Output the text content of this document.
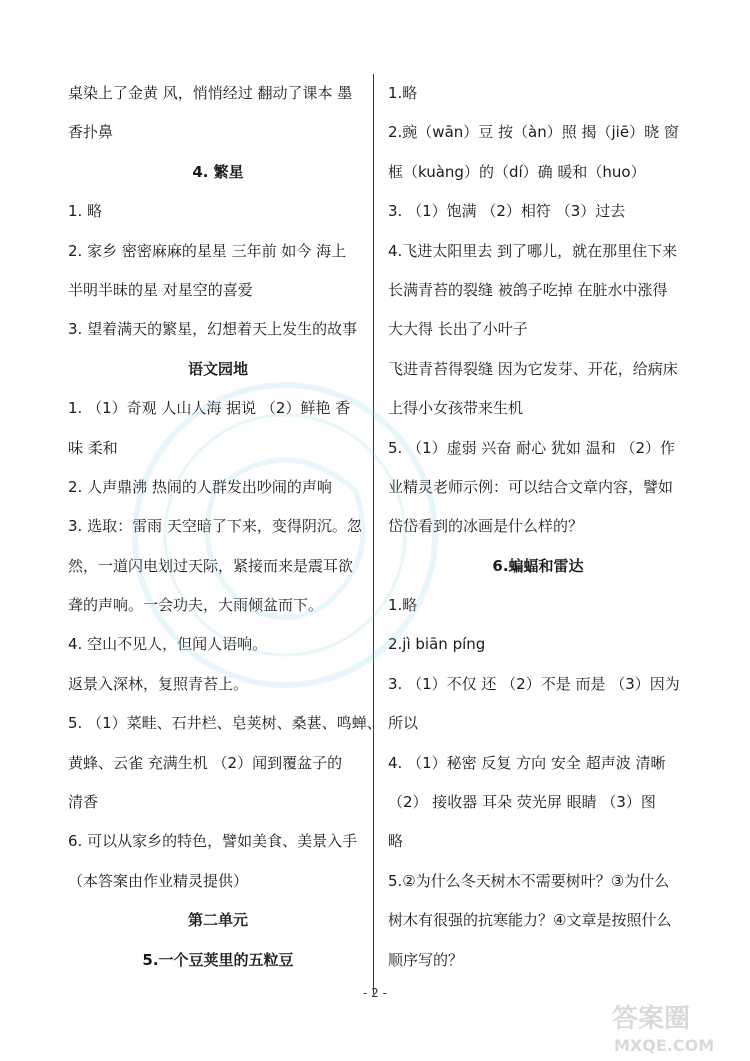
桌染上了金黄 风，悄悄经过 翻动了课本 墨
香扑鼻
4. 繁星
1. 略
2. 家乡 密密麻麻的星星 三年前 如今 海上
半明半昧的星 对星空的喜爱
3. 望着满天的繁星，幻想着天上发生的故事
语文园地
1. （1）奇观 人山人海 据说 （2）鲜艳 香
味 柔和
2. 人声鼎沸 热闹的人群发出吵闹的声响
3. 选取：雷雨 天空暗了下来，变得阴沉。忽
然，一道闪电划过天际，紧接而来是震耳欲
聋的声响。一会功夫，大雨倾盆而下。
4. 空山不见人，但闻人语响。
返景入深林，复照青苔上。
5. （1）菜畦、石井栏、皂荚树、桑葚、鸣蝉、
黄蜂、云雀 充满生机 （2）闻到覆盆子的
清香
6. 可以从家乡的特色，譬如美食、美景入手
（本答案由作业精灵提供）
第二单元
5.一个豆荚里的五粒豆
1.略
2.豌（wān）豆 按（àn）照 揭（jiē）晓 窗
框（kuàng）的（dí）确 暖和（huo）
3. （1）饱满 （2）相符 （3）过去
4.飞进太阳里去 到了哪儿，就在那里住下来
长满青苔的裂缝 被鸽子吃掉 在脏水中涨得
大大得 长出了小叶子
飞进青苔得裂缝 因为它发芽、开花，给病床
上得小女孩带来生机
5. （1）虚弱 兴奋 耐心 犹如 温和 （2）作
业精灵老师示例：可以结合文章内容，譬如
岱岱看到的冰画是什么样的？
6.蝙蝠和雷达
1.略
2.jì biān píng
3. （1）不仅 还 （2）不是 而是 （3）因为
所以
4. （1）秘密 反复 方向 安全 超声波 清晰
（2） 接收器 耳朵 荧光屏 眼睛 （3）图
略
5.②为什么冬天树木不需要树叶？③为什么
树木有很强的抗寒能力？④文章是按照什么
顺序写的？
- 2 -
答案圈
MXQE.COM
